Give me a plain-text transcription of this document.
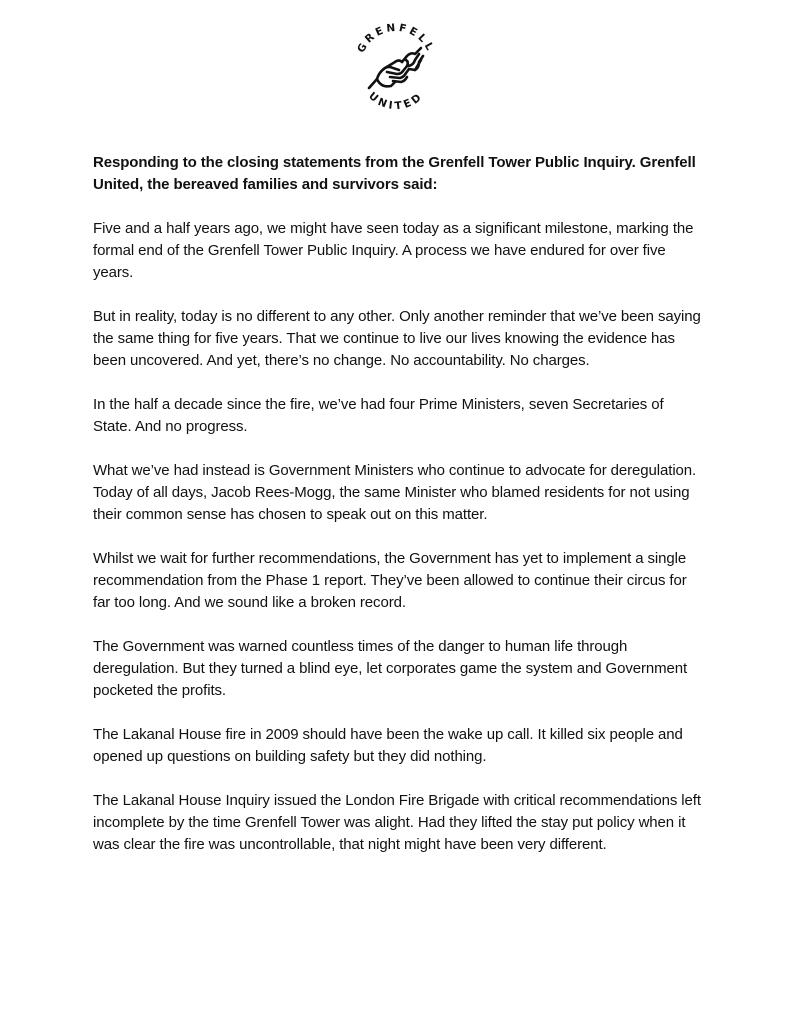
GRENFELL
UNITED

Responding to the closing statements from the Grenfell Tower Public Inquiry. Grenfell United, the bereaved families and survivors said:

Five and a half years ago, we might have seen today as a significant milestone, marking the formal end of the Grenfell Tower Public Inquiry. A process we have endured for over five years.

But in reality, today is no different to any other. Only another reminder that we’ve been saying the same thing for five years. That we continue to live our lives knowing the evidence has been uncovered. And yet, there’s no change. No accountability. No charges.

In the half a decade since the fire, we’ve had four Prime Ministers, seven Secretaries of State. And no progress.

What we’ve had instead is Government Ministers who continue to advocate for deregulation. Today of all days, Jacob Rees-Mogg, the same Minister who blamed residents for not using their common sense has chosen to speak out on this matter.

Whilst we wait for further recommendations, the Government has yet to implement a single recommendation from the Phase 1 report. They’ve been allowed to continue their circus for far too long. And we sound like a broken record.

The Government was warned countless times of the danger to human life through deregulation. But they turned a blind eye, let corporates game the system and Government pocketed the profits.

The Lakanal House fire in 2009 should have been the wake up call. It killed six people and opened up questions on building safety but they did nothing.

The Lakanal House Inquiry issued the London Fire Brigade with critical recommendations left incomplete by the time Grenfell Tower was alight. Had they lifted the stay put policy when it was clear the fire was uncontrollable, that night might have been very different.
